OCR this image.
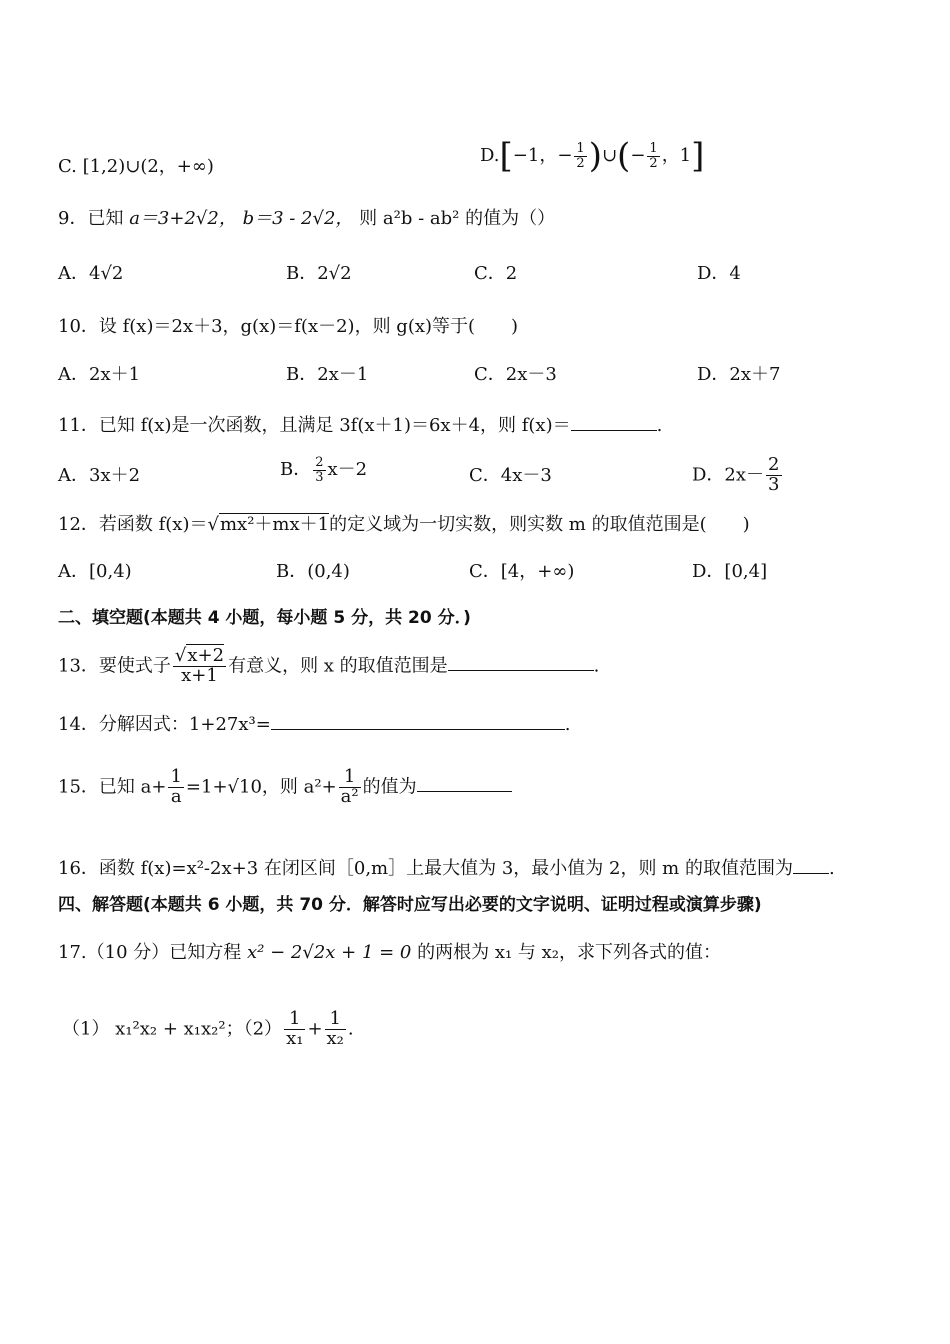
C. [1,2)∪(2，+∞)
D.[−1，− $\frac{1}{2}$ )∪(− $\frac{1}{2}$ ，1]
9．已知 a＝3+2√2， b＝3 - 2√2， 则 a²b - ab² 的值为（）
A．4√2	B．2√2	C．2	D．4
10．设 f(x)＝2x＋3，g(x)＝f(x－2)，则 g(x)等于(　　)
A．2x＋1	B．2x－1	C．2x－3	D．2x＋7
11．已知 f(x)是一次函数，且满足 3f(x＋1)＝6x＋4，则 f(x)＝	.
A．3x＋2	B． $\frac{2}{3} x-2$	C．4x－3	D．$2x- \frac{2}{3}$
12．若函数 f(x)＝√mx²＋mx＋1的定义域为一切实数，则实数 m 的取值范围是(　　)
A．[0,4)	B．(0,4)	C．[4，+∞)	D．[0,4]
二、填空题(本题共 4 小题，每小题 5 分，共 20 分．)
13．要使式子 $\frac{√x+2}{x+1}$ 有意义，则 x 的取值范围是	.
14．分解因式：1+27x³=	.
15．已知 $a+ \frac{1}{a} =1+√10$，则 $a^2+ \frac{1}{\text{a²}}$ 的值为
16．函数 f(x)=x²-2x+3 在闭区间［0,m］上最大值为 3，最小值为 2，则 m 的取值范围为 .
四、解答题(本题共 6 小题，共 70 分．解答时应写出必要的文字说明、证明过程或演算步骤)
17.（10 分）已知方程 x² − 2√2x + 1 = 0 的两根为 x₁ 与 x₂，求下列各式的值：
（1） x₁²x₂ + x₁x₂²；$(2) \frac{1}{\text{x₁}} + \frac{1}{\text{x₂}}$ .
